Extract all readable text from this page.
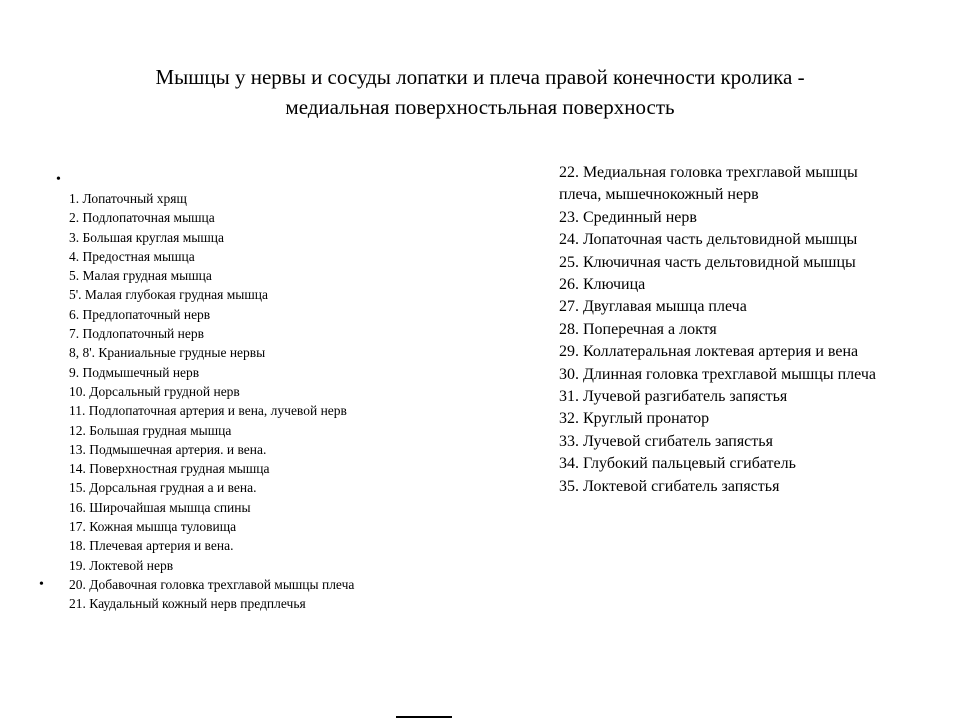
Мышцы у нервы и сосуды лопатки и плеча правой конечности кролика -
медиальная поверхностьльная поверхность
•

1. Лопаточный хрящ
2. Подлопаточная мышца
3. Большая круглая мышца
4. Предостная мышца
5. Малая грудная мышца
5'. Малая глубокая грудная мышца
6. Предлопаточный нерв
7. Подлопаточный нерв
8, 8'. Краниальные грудные нервы
9. Подмышечный нерв
10. Дорсальный грудной нерв
11. Подлопаточная артерия и вена, лучевой нерв
12. Большая грудная мышца
13. Подмышечная артерия. и вена.
14. Поверхностная грудная мышца
15. Дорсальная грудная а и вена.
16. Широчайшая мышца спины
17. Кожная мышца туловища
18. Плечевая артерия и вена.
19. Локтевой нерв
• 20. Добавочная головка трехглавой мышцы плеча
21. Каудальный кожный нерв предплечья
22. Медиальная головка трехглавой мышцы плеча, мышечнокожный нерв
23. Срединный нерв
24. Лопаточная часть дельтовидной мышцы
25. Ключичная часть дельтовидной мышцы
26. Ключица
27. Двуглавая мышца плеча
28. Поперечная а локтя
29. Коллатеральная локтевая артерия и вена
30. Длинная головка трехглавой мышцы плеча
31. Лучевой разгибатель запястья
32. Круглый пронатор
33. Лучевой сгибатель запястья
34. Глубокий пальцевый сгибатель
35. Локтевой сгибатель запястья
